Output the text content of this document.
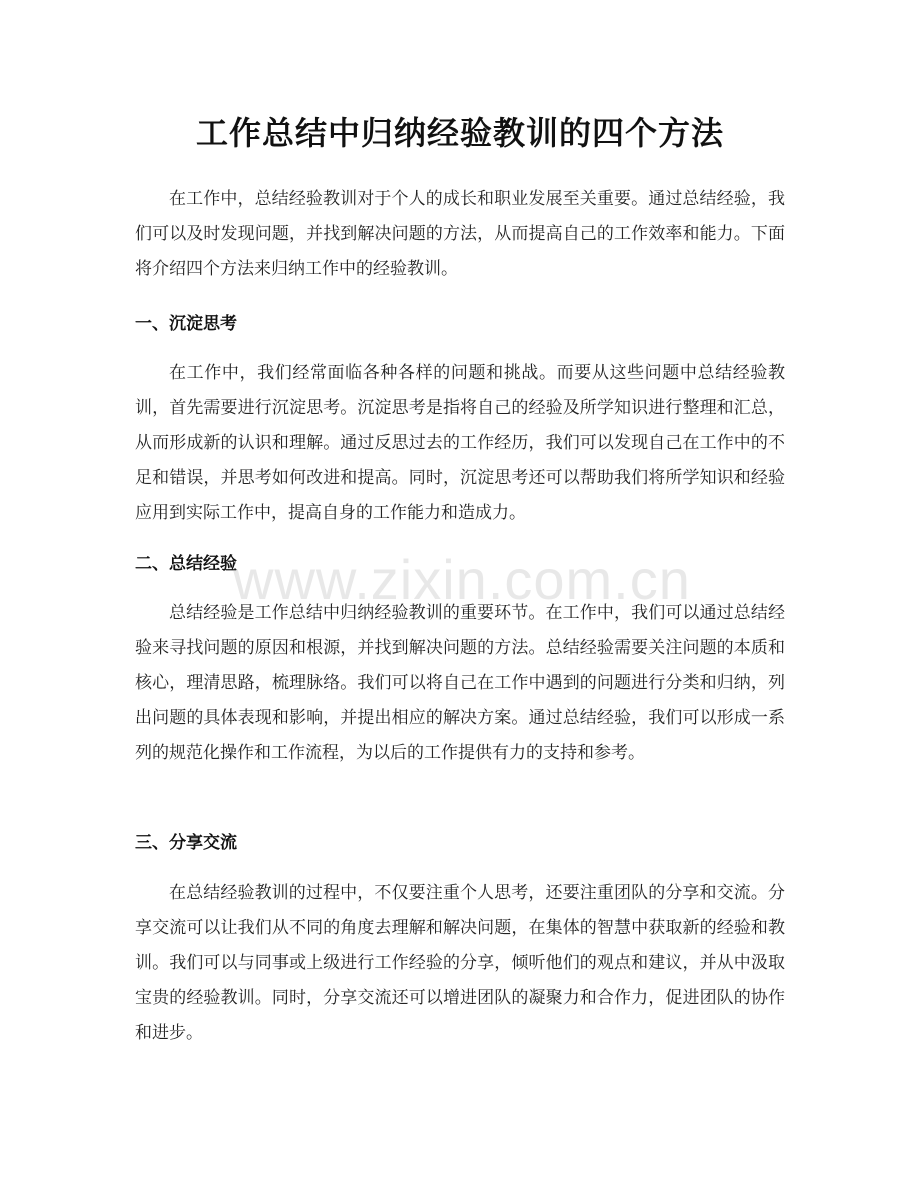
工作总结中归纳经验教训的四个方法

在工作中，总结经验教训对于个人的成长和职业发展至关重要。通过总结经验，我们可以及时发现问题，并找到解决问题的方法，从而提高自己的工作效率和能力。下面将介绍四个方法来归纳工作中的经验教训。

一、沉淀思考

在工作中，我们经常面临各种各样的问题和挑战。而要从这些问题中总结经验教训，首先需要进行沉淀思考。沉淀思考是指将自己的经验及所学知识进行整理和汇总，从而形成新的认识和理解。通过反思过去的工作经历，我们可以发现自己在工作中的不足和错误，并思考如何改进和提高。同时，沉淀思考还可以帮助我们将所学知识和经验应用到实际工作中，提高自身的工作能力和造成力。

二、总结经验

总结经验是工作总结中归纳经验教训的重要环节。在工作中，我们可以通过总结经验来寻找问题的原因和根源，并找到解决问题的方法。总结经验需要关注问题的本质和核心，理清思路，梳理脉络。我们可以将自己在工作中遇到的问题进行分类和归纳，列出问题的具体表现和影响，并提出相应的解决方案。通过总结经验，我们可以形成一系列的规范化操作和工作流程，为以后的工作提供有力的支持和参考。

三、分享交流

在总结经验教训的过程中，不仅要注重个人思考，还要注重团队的分享和交流。分享交流可以让我们从不同的角度去理解和解决问题，在集体的智慧中获取新的经验和教训。我们可以与同事或上级进行工作经验的分享，倾听他们的观点和建议，并从中汲取宝贵的经验教训。同时，分享交流还可以增进团队的凝聚力和合作力，促进团队的协作和进步。

www.zixin.com.cn
